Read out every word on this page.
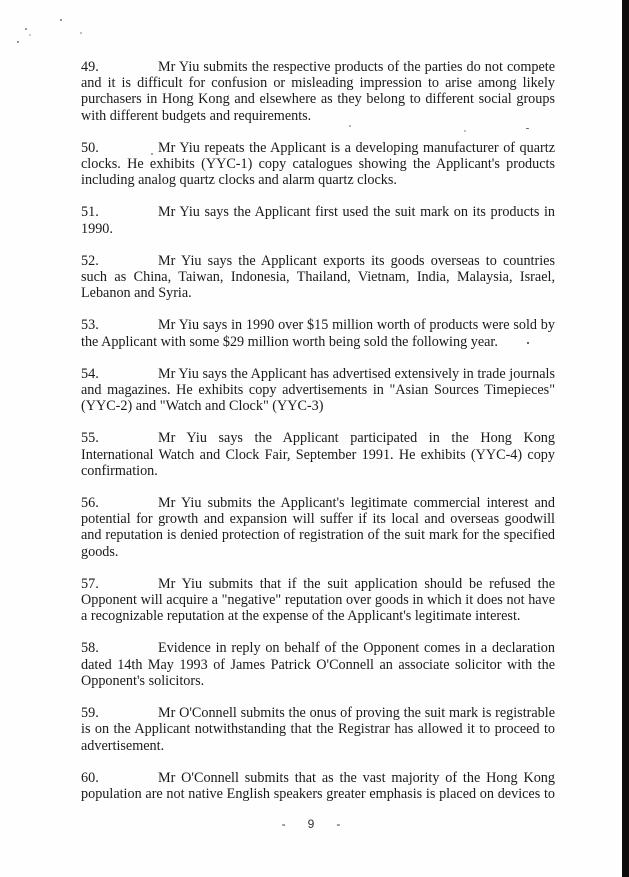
49.	Mr Yiu submits the respective products of the parties do not compete and it is difficult for confusion or misleading impression to arise among likely purchasers in Hong Kong and elsewhere as they belong to different social groups with different budgets and requirements.

50.	Mr Yiu repeats the Applicant is a developing manufacturer of quartz clocks. He exhibits (YYC-1) copy catalogues showing the Applicant's products including analog quartz clocks and alarm quartz clocks.

51.	Mr Yiu says the Applicant first used the suit mark on its products in 1990.

52.	Mr Yiu says the Applicant exports its goods overseas to countries such as China, Taiwan, Indonesia, Thailand, Vietnam, India, Malaysia, Israel, Lebanon and Syria.

53.	Mr Yiu says in 1990 over $15 million worth of products were sold by the Applicant with some $29 million worth being sold the following year.

54.	Mr Yiu says the Applicant has advertised extensively in trade journals and magazines. He exhibits copy advertisements in "Asian Sources Timepieces" (YYC-2) and "Watch and Clock" (YYC-3)

55.	Mr Yiu says the Applicant participated in the Hong Kong International Watch and Clock Fair, September 1991. He exhibits (YYC-4) copy confirmation.

56.	Mr Yiu submits the Applicant's legitimate commercial interest and potential for growth and expansion will suffer if its local and overseas goodwill and reputation is denied protection of registration of the suit mark for the specified goods.

57.	Mr Yiu submits that if the suit application should be refused the Opponent will acquire a "negative" reputation over goods in which it does not have a recognizable reputation at the expense of the Applicant's legitimate interest.

58.	Evidence in reply on behalf of the Opponent comes in a declaration dated 14th May 1993 of James Patrick O'Connell an associate solicitor with the Opponent's solicitors.

59.	Mr O'Connell submits the onus of proving the suit mark is registrable is on the Applicant notwithstanding that the Registrar has allowed it to proceed to advertisement.

60.	Mr O'Connell submits that as the vast majority of the Hong Kong population are not native English speakers greater emphasis is placed on devices to

- 9 -
